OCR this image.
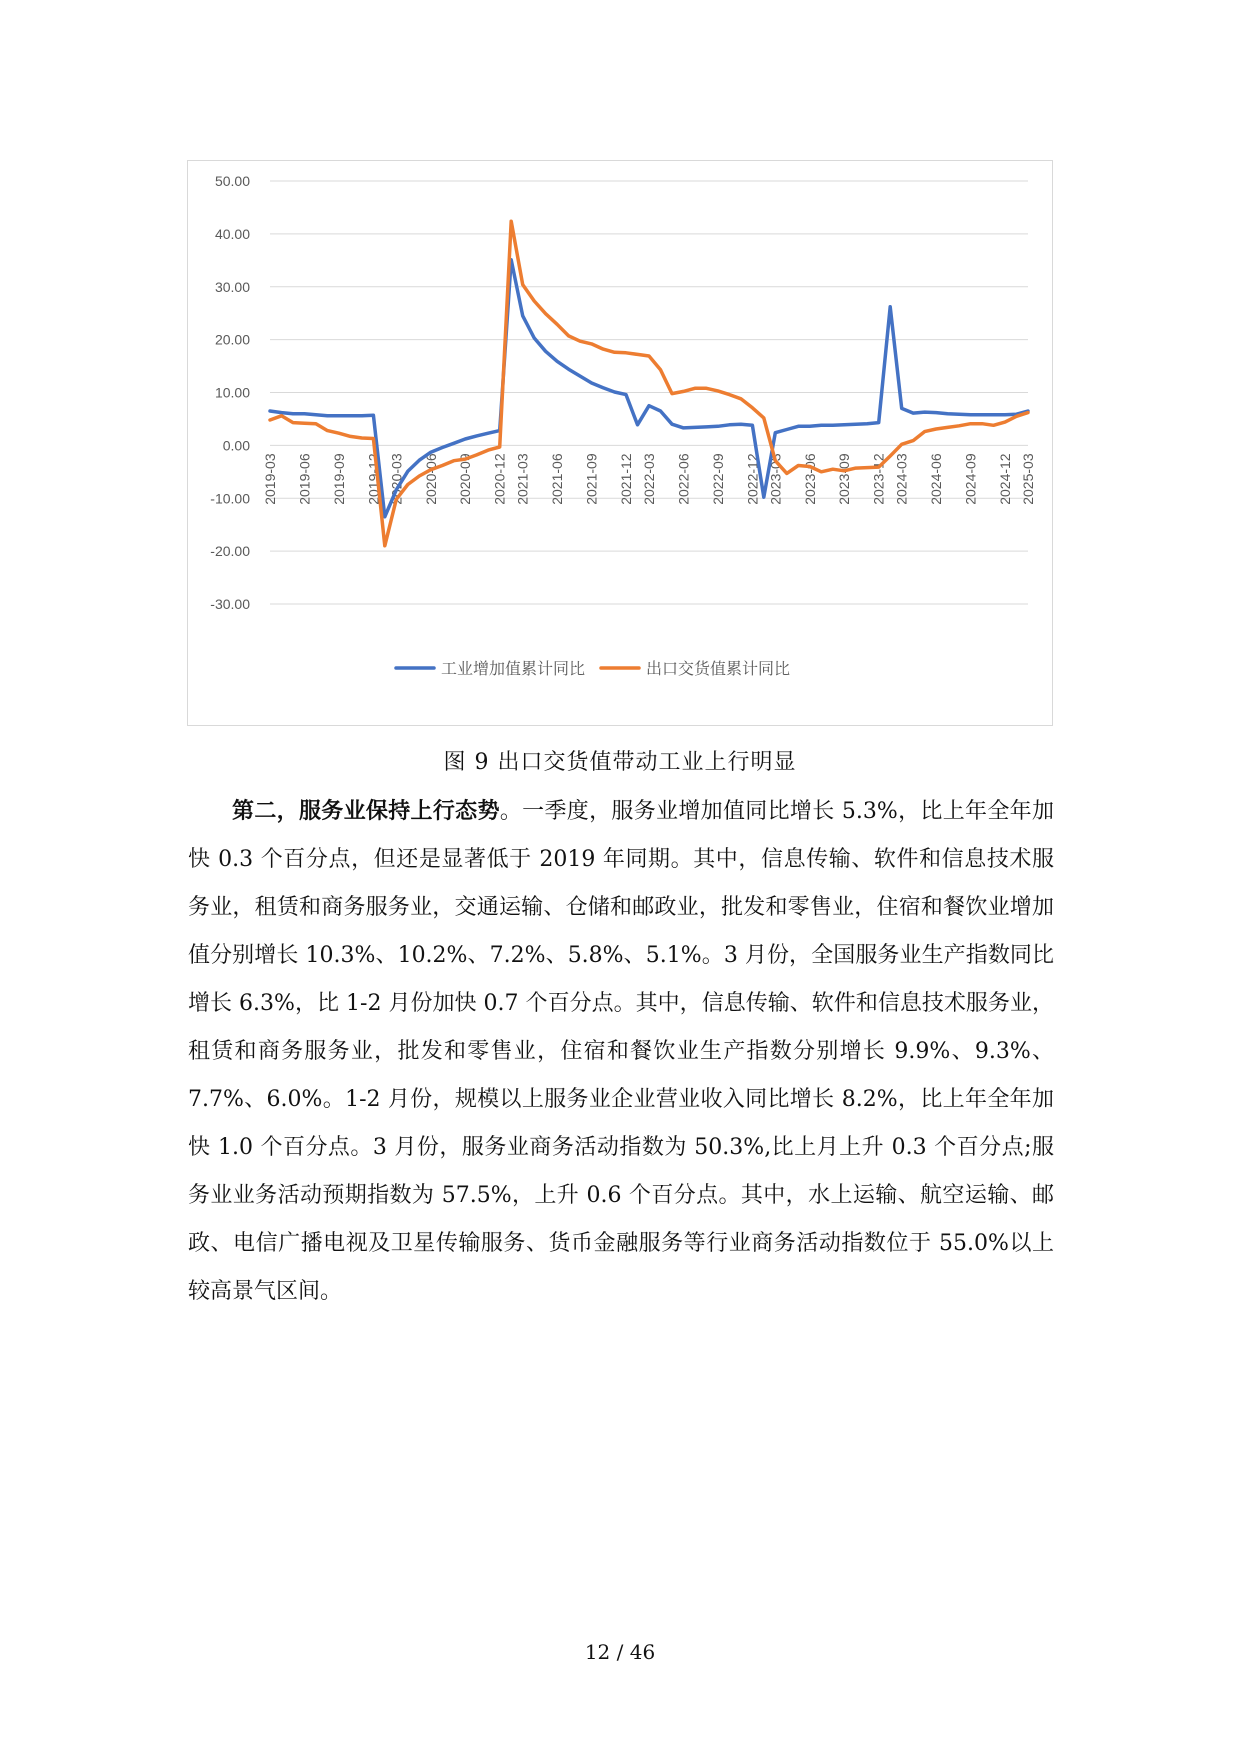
50.00
40.00
30.00
20.00
10.00
0.00
-10.00
-20.00
-30.00
2019-03 2019-06 2019-09 2019-12 2020-03 2020-06 2020-09 2020-12 2021-03 2021-06 2021-09 2021-12 2022-03 2022-06 2022-09 2022-12 2023-03 2023-06 2023-09 2023-12 2024-03 2024-06 2024-09 2024-12 2025-03
工业增加值累计同比	出口交货值累计同比
图 9 出口交货值带动工业上行明显

第二，服务业保持上行态势。一季度，服务业增加值同比增长 5.3%，比上年全年加快 0.3 个百分点，但还是显著低于 2019 年同期。其中，信息传输、软件和信息技术服务业，租赁和商务服务业，交通运输、仓储和邮政业，批发和零售业，住宿和餐饮业增加值分别增长 10.3%、10.2%、7.2%、5.8%、5.1%。3 月份，全国服务业生产指数同比增长 6.3%，比 1-2 月份加快 0.7 个百分点。其中，信息传输、软件和信息技术服务业，租赁和商务服务业，批发和零售业，住宿和餐饮业生产指数分别增长 9.9%、9.3%、7.7%、6.0%。1-2 月份，规模以上服务业企业营业收入同比增长 8.2%，比上年全年加快 1.0 个百分点。3 月份，服务业商务活动指数为 50.3%,比上月上升 0.3 个百分点;服务业业务活动预期指数为 57.5%，上升 0.6 个百分点。其中，水上运输、航空运输、邮政、电信广播电视及卫星传输服务、货币金融服务等行业商务活动指数位于 55.0%以上较高景气区间。

12 / 46
